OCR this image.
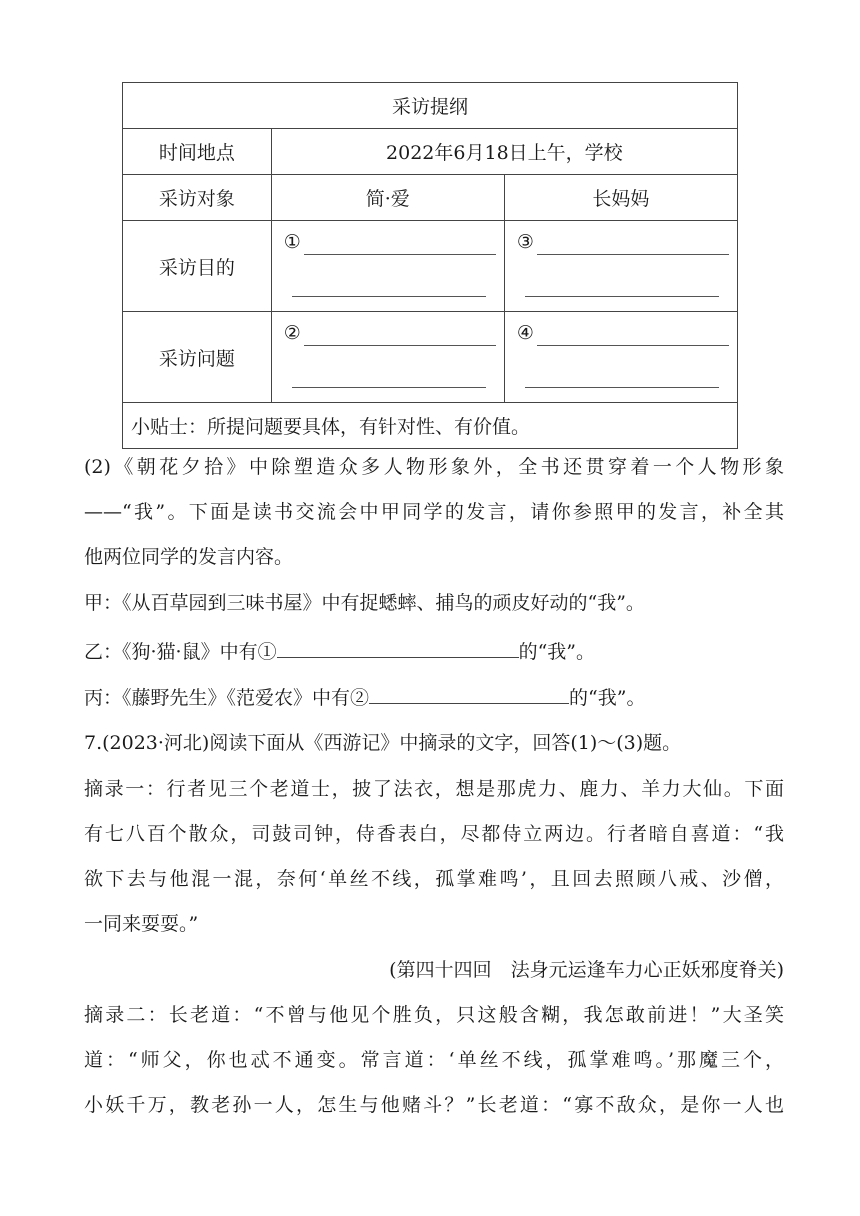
采访提纲		
时间地点	2022年6月18日上午，学校	
采访对象	简·爱	长妈妈
采访目的	①	③

采访问题	②	④

小贴士：所提问题要具体，有针对性、有价值。		
(2)《朝花夕拾》中除塑造众多人物形象外，全书还贯穿着一个人物形象
——“我”。下面是读书交流会中甲同学的发言，请你参照甲的发言，补全其
他两位同学的发言内容。
甲：《从百草园到三味书屋》中有捉蟋蟀、捕鸟的顽皮好动的“我”。
乙：《狗·猫·鼠》中有①	的“我”。
丙：《藤野先生》《范爱农》中有②	的“我”。
7.(2023·河北)阅读下面从《西游记》中摘录的文字，回答(1)～(3)题。
摘录一：行者见三个老道士，披了法衣，想是那虎力、鹿力、羊力大仙。下面
有七八百个散众，司鼓司钟，侍香表白，尽都侍立两边。行者暗自喜道：“我
欲下去与他混一混，奈何‘单丝不线，孤掌难鸣’，且回去照顾八戒、沙僧，
一同来耍耍。”
(第四十四回　法身元运逢车力心正妖邪度脊关)
摘录二：长老道：“不曾与他见个胜负，只这般含糊，我怎敢前进！”大圣笑
道：“师父，你也忒不通变。常言道：‘单丝不线，孤掌难鸣。’那魔三个，
小妖千万，教老孙一人，怎生与他赌斗？”长老道：“寡不敌众，是你一人也
